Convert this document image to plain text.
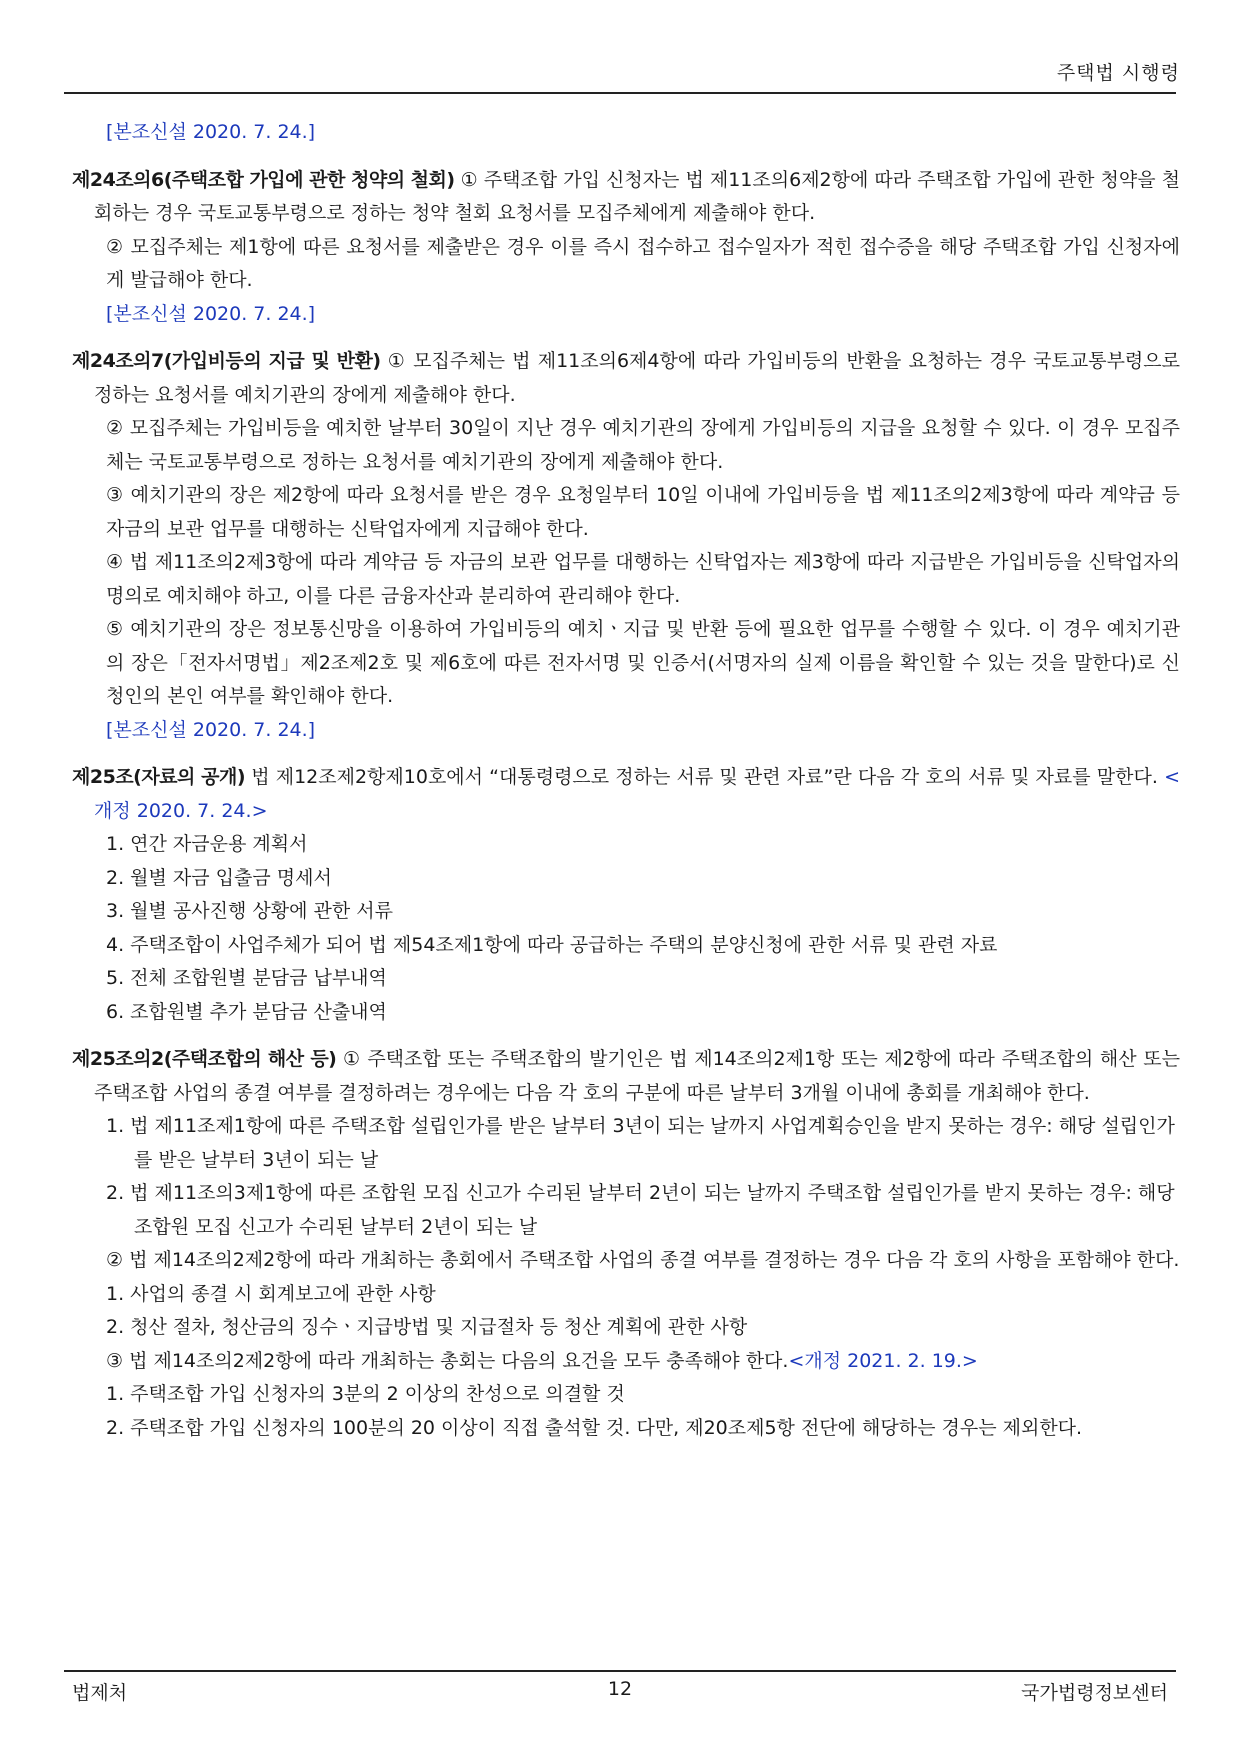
주택법 시행령

[본조신설 2020. 7. 24.]

제24조의6(주택조합 가입에 관한 청약의 철회) ① 주택조합 가입 신청자는 법 제11조의6제2항에 따라 주택조합 가입에 관한 청약을 철회하는 경우 국토교통부령으로 정하는 청약 철회 요청서를 모집주체에게 제출해야 한다.

② 모집주체는 제1항에 따른 요청서를 제출받은 경우 이를 즉시 접수하고 접수일자가 적힌 접수증을 해당 주택조합 가입 신청자에게 발급해야 한다.

[본조신설 2020. 7. 24.]

제24조의7(가입비등의 지급 및 반환) ① 모집주체는 법 제11조의6제4항에 따라 가입비등의 반환을 요청하는 경우 국토교통부령으로 정하는 요청서를 예치기관의 장에게 제출해야 한다.

② 모집주체는 가입비등을 예치한 날부터 30일이 지난 경우 예치기관의 장에게 가입비등의 지급을 요청할 수 있다. 이 경우 모집주체는 국토교통부령으로 정하는 요청서를 예치기관의 장에게 제출해야 한다.

③ 예치기관의 장은 제2항에 따라 요청서를 받은 경우 요청일부터 10일 이내에 가입비등을 법 제11조의2제3항에 따라 계약금 등 자금의 보관 업무를 대행하는 신탁업자에게 지급해야 한다.

④ 법 제11조의2제3항에 따라 계약금 등 자금의 보관 업무를 대행하는 신탁업자는 제3항에 따라 지급받은 가입비등을 신탁업자의 명의로 예치해야 하고, 이를 다른 금융자산과 분리하여 관리해야 한다.

⑤ 예치기관의 장은 정보통신망을 이용하여 가입비등의 예치ㆍ지급 및 반환 등에 필요한 업무를 수행할 수 있다. 이 경우 예치기관의 장은「전자서명법」제2조제2호 및 제6호에 따른 전자서명 및 인증서(서명자의 실제 이름을 확인할 수 있는 것을 말한다)로 신청인의 본인 여부를 확인해야 한다.

[본조신설 2020. 7. 24.]

제25조(자료의 공개) 법 제12조제2항제10호에서 “대통령령으로 정하는 서류 및 관련 자료”란 다음 각 호의 서류 및 자료를 말한다. <개정 2020. 7. 24.>

1. 연간 자금운용 계획서

2. 월별 자금 입출금 명세서

3. 월별 공사진행 상황에 관한 서류

4. 주택조합이 사업주체가 되어 법 제54조제1항에 따라 공급하는 주택의 분양신청에 관한 서류 및 관련 자료

5. 전체 조합원별 분담금 납부내역

6. 조합원별 추가 분담금 산출내역

제25조의2(주택조합의 해산 등) ① 주택조합 또는 주택조합의 발기인은 법 제14조의2제1항 또는 제2항에 따라 주택조합의 해산 또는 주택조합 사업의 종결 여부를 결정하려는 경우에는 다음 각 호의 구분에 따른 날부터 3개월 이내에 총회를 개최해야 한다.

1. 법 제11조제1항에 따른 주택조합 설립인가를 받은 날부터 3년이 되는 날까지 사업계획승인을 받지 못하는 경우: 해당 설립인가를 받은 날부터 3년이 되는 날

2. 법 제11조의3제1항에 따른 조합원 모집 신고가 수리된 날부터 2년이 되는 날까지 주택조합 설립인가를 받지 못하는 경우: 해당 조합원 모집 신고가 수리된 날부터 2년이 되는 날

② 법 제14조의2제2항에 따라 개최하는 총회에서 주택조합 사업의 종결 여부를 결정하는 경우 다음 각 호의 사항을 포함해야 한다.

1. 사업의 종결 시 회계보고에 관한 사항

2. 청산 절차, 청산금의 징수ㆍ지급방법 및 지급절차 등 청산 계획에 관한 사항

③ 법 제14조의2제2항에 따라 개최하는 총회는 다음의 요건을 모두 충족해야 한다.<개정 2021. 2. 19.>

1. 주택조합 가입 신청자의 3분의 2 이상의 찬성으로 의결할 것

2. 주택조합 가입 신청자의 100분의 20 이상이 직접 출석할 것. 다만, 제20조제5항 전단에 해당하는 경우는 제외한다.

법제처	12	국가법령정보센터
